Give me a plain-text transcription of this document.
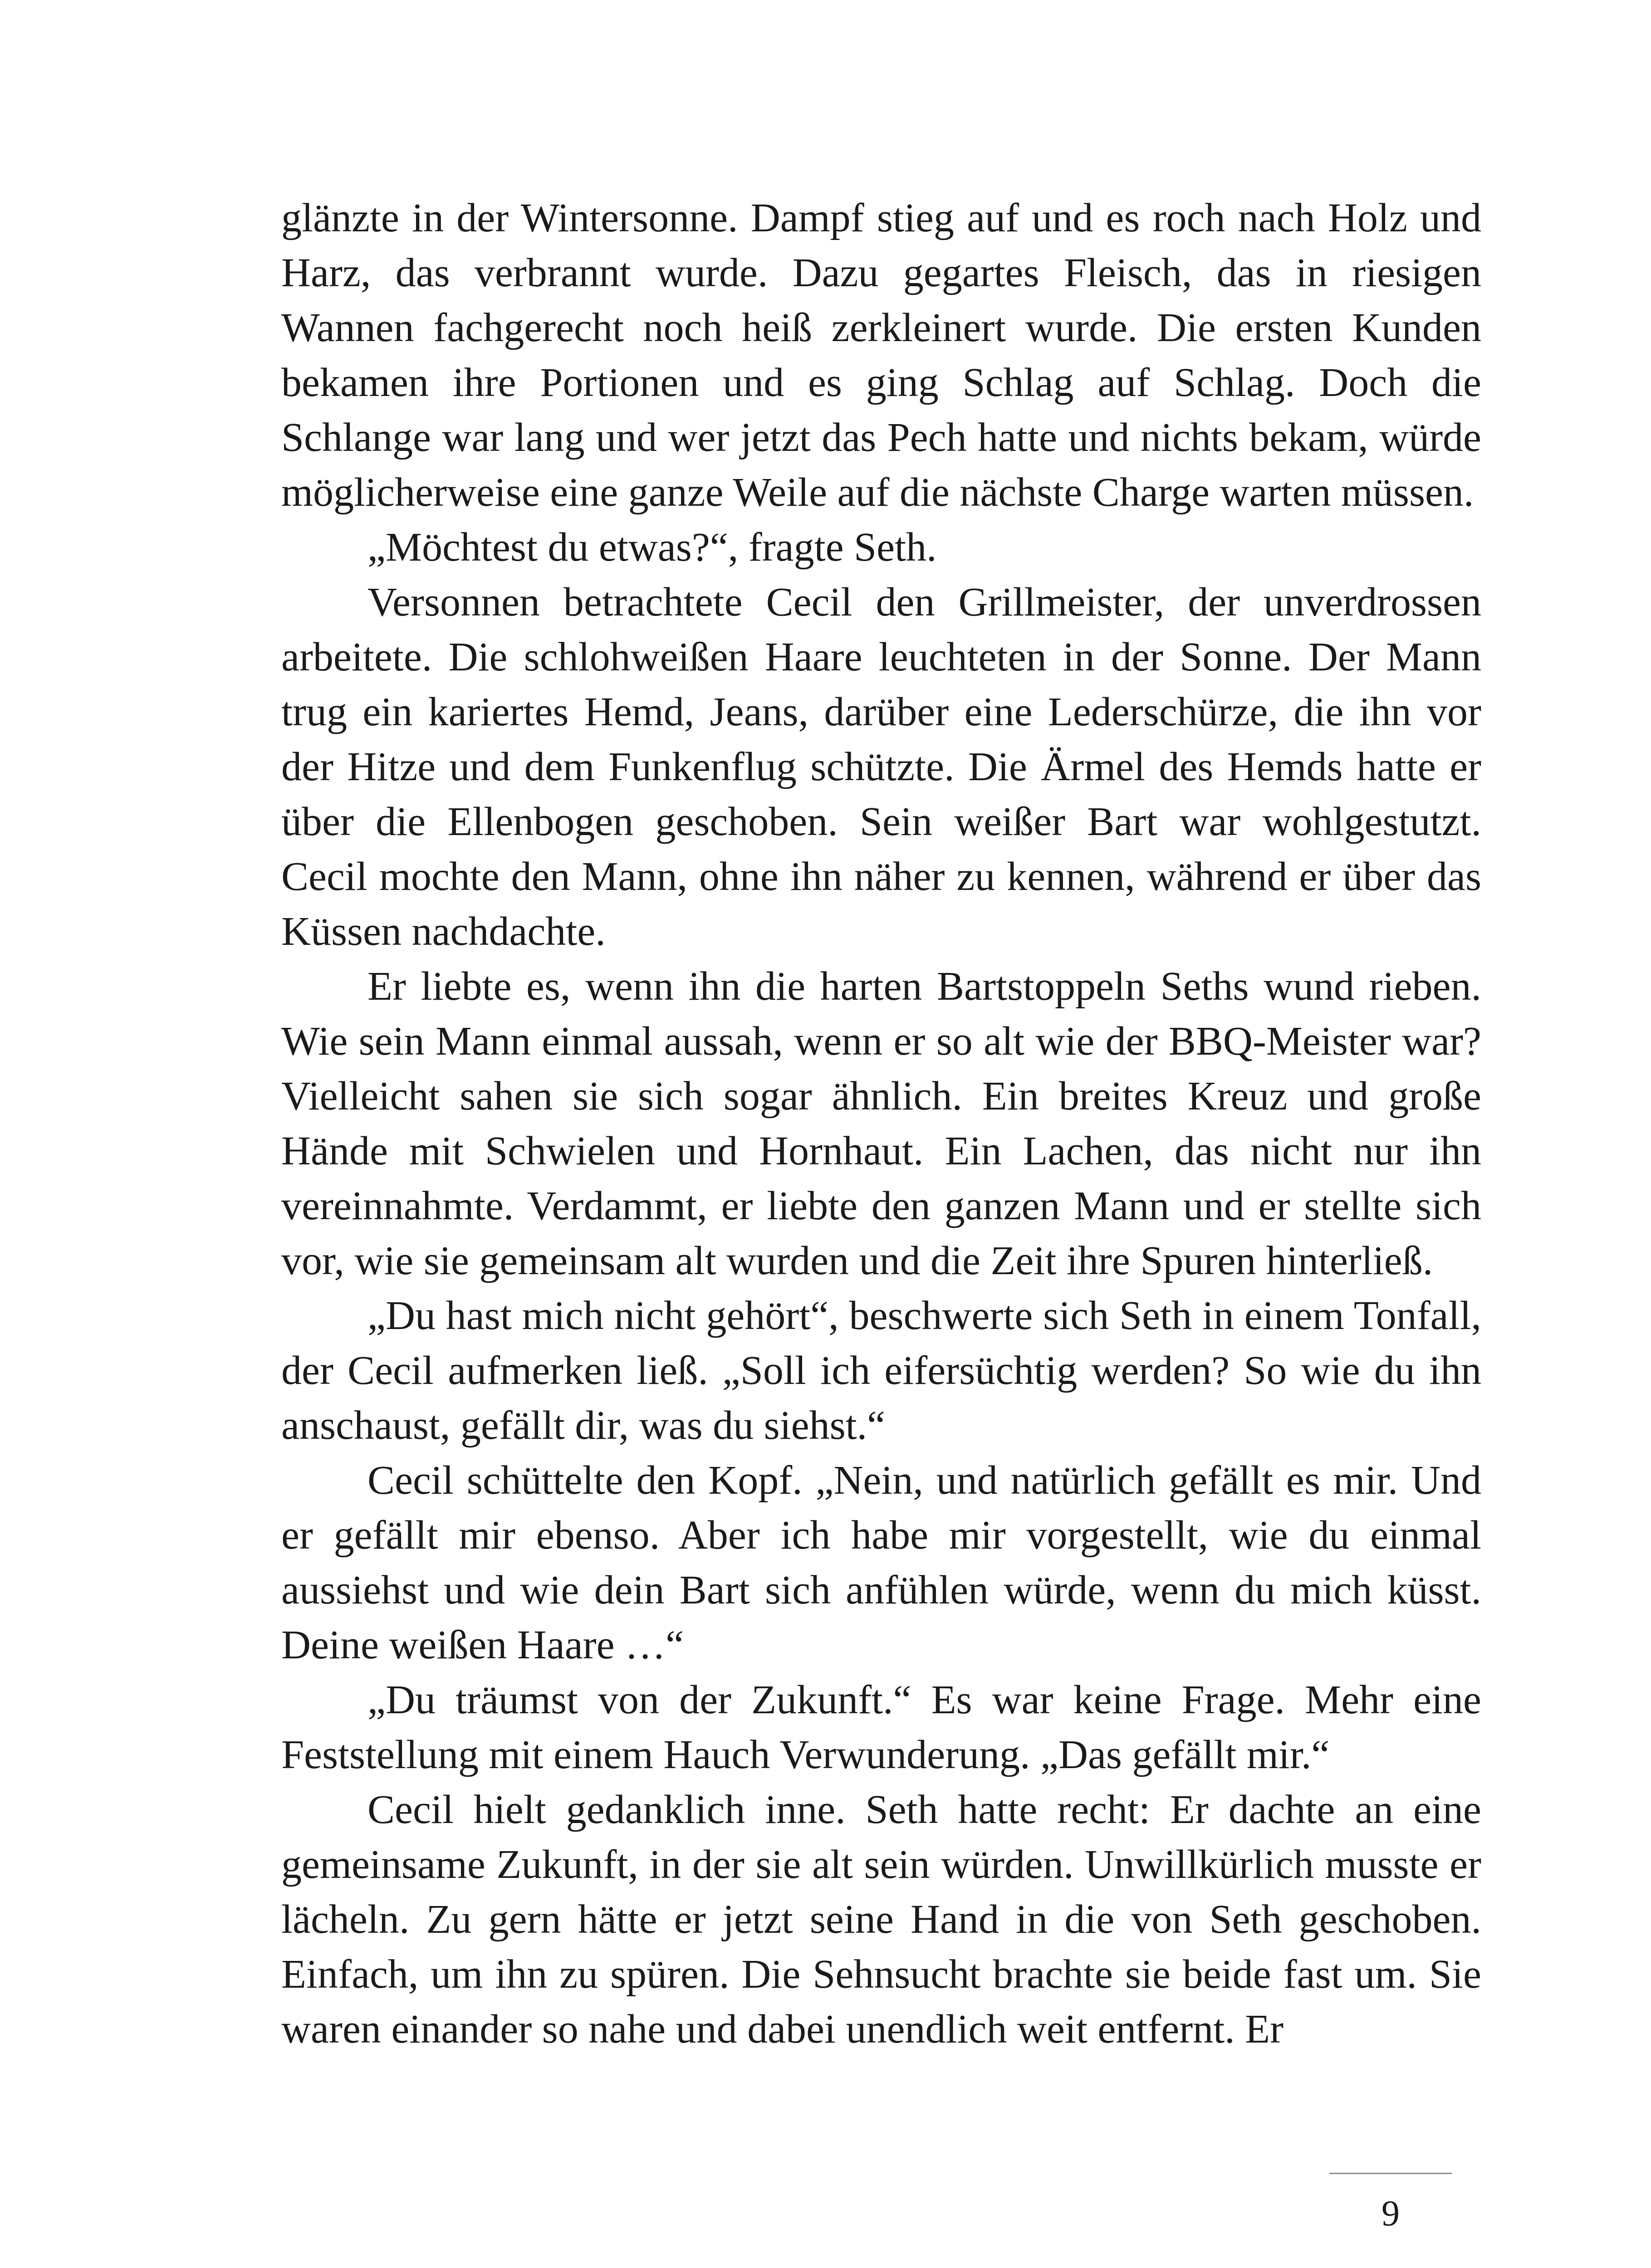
glänzte in der Wintersonne. Dampf stieg auf und es roch nach Holz und Harz, das verbrannt wurde. Dazu gegartes Fleisch, das in riesigen Wannen fachgerecht noch heiß zerkleinert wurde. Die ersten Kunden bekamen ihre Portionen und es ging Schlag auf Schlag. Doch die Schlange war lang und wer jetzt das Pech hatte und nichts bekam, würde möglicherweise eine ganze Weile auf die nächste Charge warten müssen.

„Möchtest du etwas?“, fragte Seth.

Versonnen betrachtete Cecil den Grillmeister, der unverdrossen arbeitete. Die schlohweißen Haare leuchteten in der Sonne. Der Mann trug ein kariertes Hemd, Jeans, darüber eine Lederschürze, die ihn vor der Hitze und dem Funkenflug schützte. Die Ärmel des Hemds hatte er über die Ellenbogen geschoben. Sein weißer Bart war wohlgestutzt. Cecil mochte den Mann, ohne ihn näher zu kennen, während er über das Küssen nachdachte.

Er liebte es, wenn ihn die harten Bartstoppeln Seths wund rieben. Wie sein Mann einmal aussah, wenn er so alt wie der BBQ-Meister war? Vielleicht sahen sie sich sogar ähnlich. Ein breites Kreuz und große Hände mit Schwielen und Hornhaut. Ein Lachen, das nicht nur ihn vereinnahmte. Verdammt, er liebte den ganzen Mann und er stellte sich vor, wie sie gemeinsam alt wurden und die Zeit ihre Spuren hinterließ.

„Du hast mich nicht gehört“, beschwerte sich Seth in einem Tonfall, der Cecil aufmerken ließ. „Soll ich eifersüchtig werden? So wie du ihn anschaust, gefällt dir, was du siehst.“

Cecil schüttelte den Kopf. „Nein, und natürlich gefällt es mir. Und er gefällt mir ebenso. Aber ich habe mir vorgestellt, wie du einmal aussiehst und wie dein Bart sich anfühlen würde, wenn du mich küsst. Deine weißen Haare …“

„Du träumst von der Zukunft.“ Es war keine Frage. Mehr eine Feststellung mit einem Hauch Verwunderung. „Das gefällt mir.“

Cecil hielt gedanklich inne. Seth hatte recht: Er dachte an eine gemeinsame Zukunft, in der sie alt sein würden. Unwillkürlich musste er lächeln. Zu gern hätte er jetzt seine Hand in die von Seth geschoben. Einfach, um ihn zu spüren. Die Sehnsucht brachte sie beide fast um. Sie waren einander so nahe und dabei unendlich weit entfernt. Er

9
